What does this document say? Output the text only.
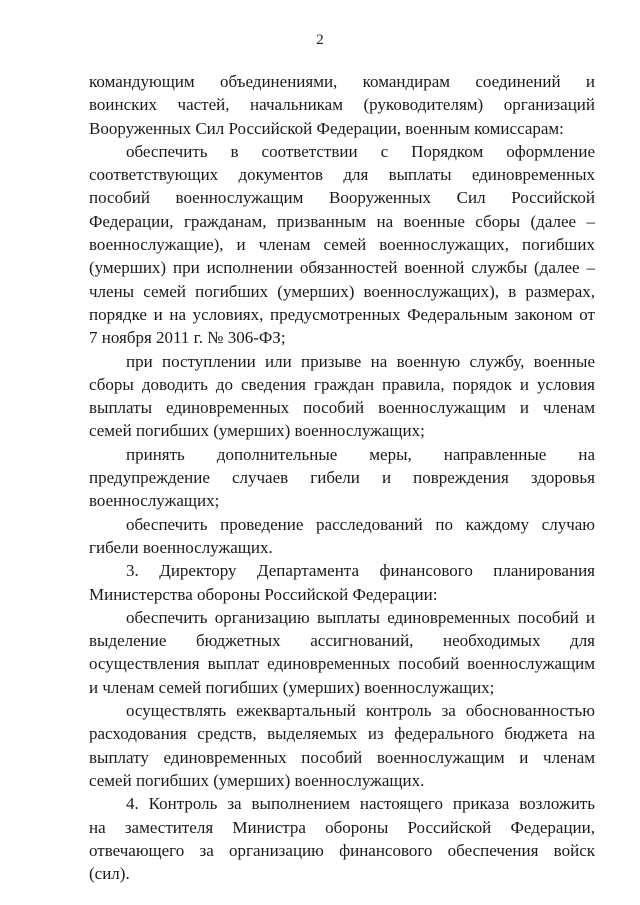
2
командующим объединениями, командирам соединений и
воинских частей, начальникам (руководителям) организаций
Вооруженных Сил Российской Федерации, военным комиссарам:
обеспечить в соответствии с Порядком оформление
соответствующих документов для выплаты единовременных
пособий военнослужащим Вооруженных Сил Российской
Федерации, гражданам, призванным на военные сборы (далее –
военнослужащие), и членам семей военнослужащих, погибших
(умерших) при исполнении обязанностей военной службы (далее –
члены семей погибших (умерших) военнослужащих), в размерах,
порядке и на условиях, предусмотренных Федеральным законом от
7 ноября 2011 г. № 306-ФЗ;
при поступлении или призыве на военную службу, военные
сборы доводить до сведения граждан правила, порядок и условия
выплаты единовременных пособий военнослужащим и членам
семей погибших (умерших) военнослужащих;
принять дополнительные меры, направленные на
предупреждение случаев гибели и повреждения здоровья
военнослужащих;
обеспечить проведение расследований по каждому случаю
гибели военнослужащих.
3. Директору Департамента финансового планирования
Министерства обороны Российской Федерации:
обеспечить организацию выплаты единовременных пособий и
выделение бюджетных ассигнований, необходимых для
осуществления выплат единовременных пособий военнослужащим
и членам семей погибших (умерших) военнослужащих;
осуществлять ежеквартальный контроль за обоснованностью
расходования средств, выделяемых из федерального бюджета на
выплату единовременных пособий военнослужащим и членам
семей погибших (умерших) военнослужащих.
4. Контроль за выполнением настоящего приказа возложить
на заместителя Министра обороны Российской Федерации,
отвечающего за организацию финансового обеспечения войск
(сил).
